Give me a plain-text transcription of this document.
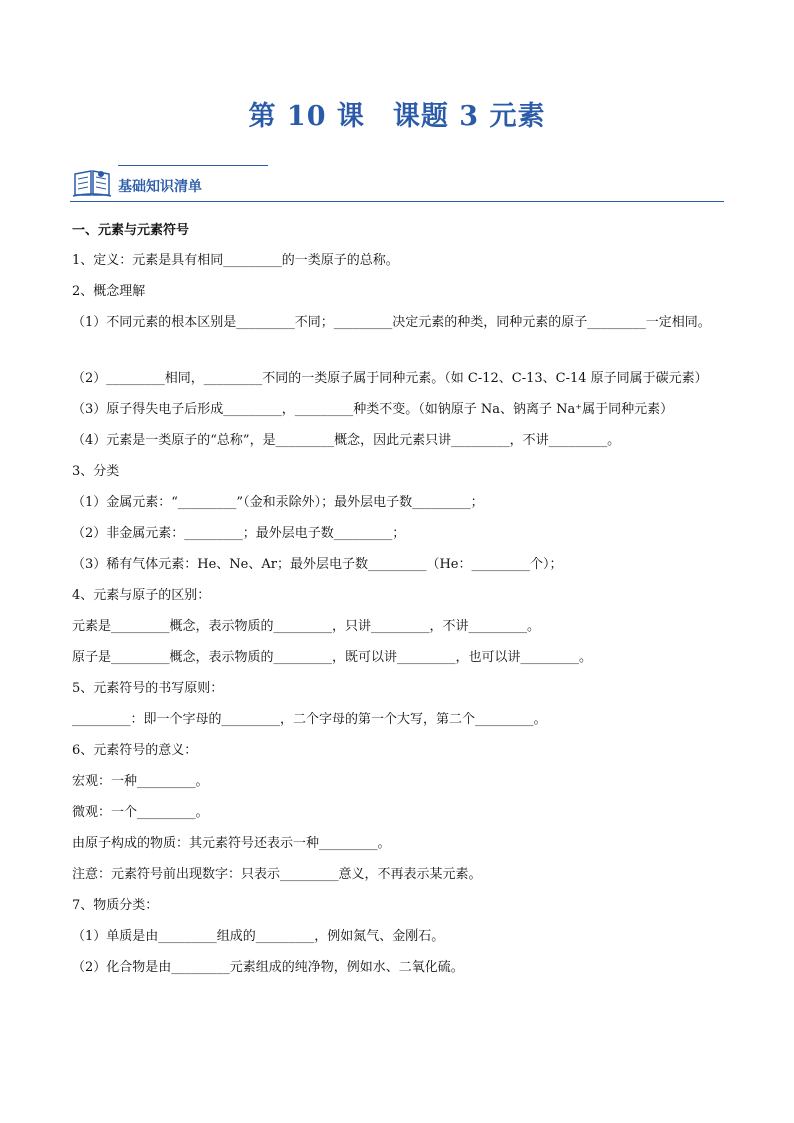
第 10 课　课题 3 元素
基础知识清单

一、元素与元素符号

1、定义：元素是具有相同_________的一类原子的总称。

2、概念理解

（1）不同元素的根本区别是_________不同；_________决定元素的种类，同种元素的原子_________一定相同。

（2）_________相同，_________不同的一类原子属于同种元素。（如 C-12、C-13、C-14 原子同属于碳元素）

（3）原子得失电子后形成_________，_________种类不变。（如钠原子 Na、钠离子 Na⁺属于同种元素）

（4）元素是一类原子的“总称”，是_________概念，因此元素只讲_________，不讲_________。

3、分类

（1）金属元素：“_________”（金和汞除外）；最外层电子数_________；

（2）非金属元素：_________；最外层电子数_________；

（3）稀有气体元素：He、Ne、Ar；最外层电子数_________（He：_________个）；

4、元素与原子的区别：

元素是_________概念，表示物质的_________，只讲_________，不讲_________。

原子是_________概念，表示物质的_________，既可以讲_________，也可以讲_________。

5、元素符号的书写原则：

_________：即一个字母的_________，二个字母的第一个大写，第二个_________。

6、元素符号的意义：

宏观：一种_________。

微观：一个_________。

由原子构成的物质：其元素符号还表示一种_________。

注意：元素符号前出现数字：只表示_________意义，不再表示某元素。

7、物质分类：

（1）单质是由_________组成的_________，例如氮气、金刚石。

（2）化合物是由_________元素组成的纯净物，例如水、二氧化硫。
